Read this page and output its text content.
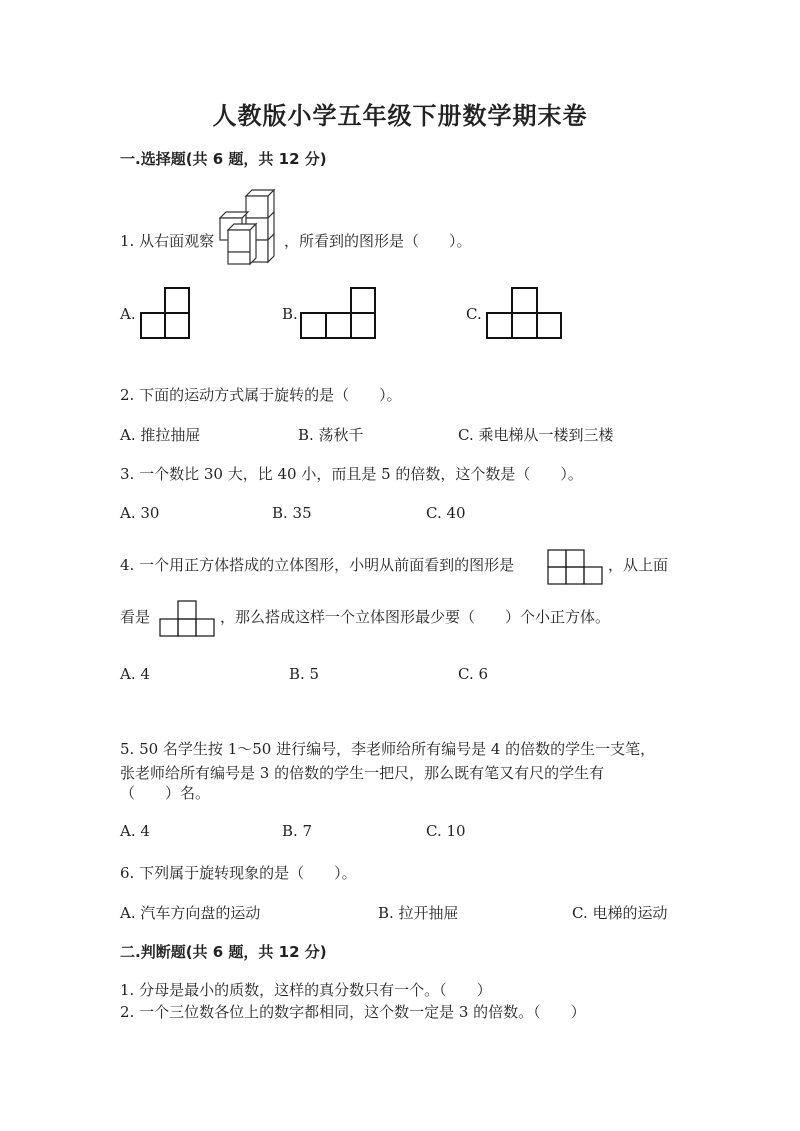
人教版小学五年级下册数学期末卷
一.选择题(共 6 题，共 12 分)
1. 从右面观察	，所看到的图形是（　　）。
A.	B.	C.
2. 下面的运动方式属于旋转的是（　　）。
A. 推拉抽屉	B. 荡秋千	C. 乘电梯从一楼到三楼
3. 一个数比 30 大，比 40 小，而且是 5 的倍数，这个数是（　　）。
A. 30	B. 35	C. 40
4. 一个用正方体搭成的立体图形，小明从前面看到的图形是	，从上面
看是	，那么搭成这样一个立体图形最少要（　　）个小正方体。
A. 4	B. 5	C. 6
5. 50 名学生按 1～50 进行编号，李老师给所有编号是 4 的倍数的学生一支笔，
张老师给所有编号是 3 的倍数的学生一把尺，那么既有笔又有尺的学生有
（　　）名。
A. 4	B. 7	C. 10
6. 下列属于旋转现象的是（　　）。
A. 汽车方向盘的运动	B. 拉开抽屉	C. 电梯的运动
二.判断题(共 6 题，共 12 分)
1. 分母是最小的质数，这样的真分数只有一个。（　　）
2. 一个三位数各位上的数字都相同，这个数一定是 3 的倍数。（　　）
